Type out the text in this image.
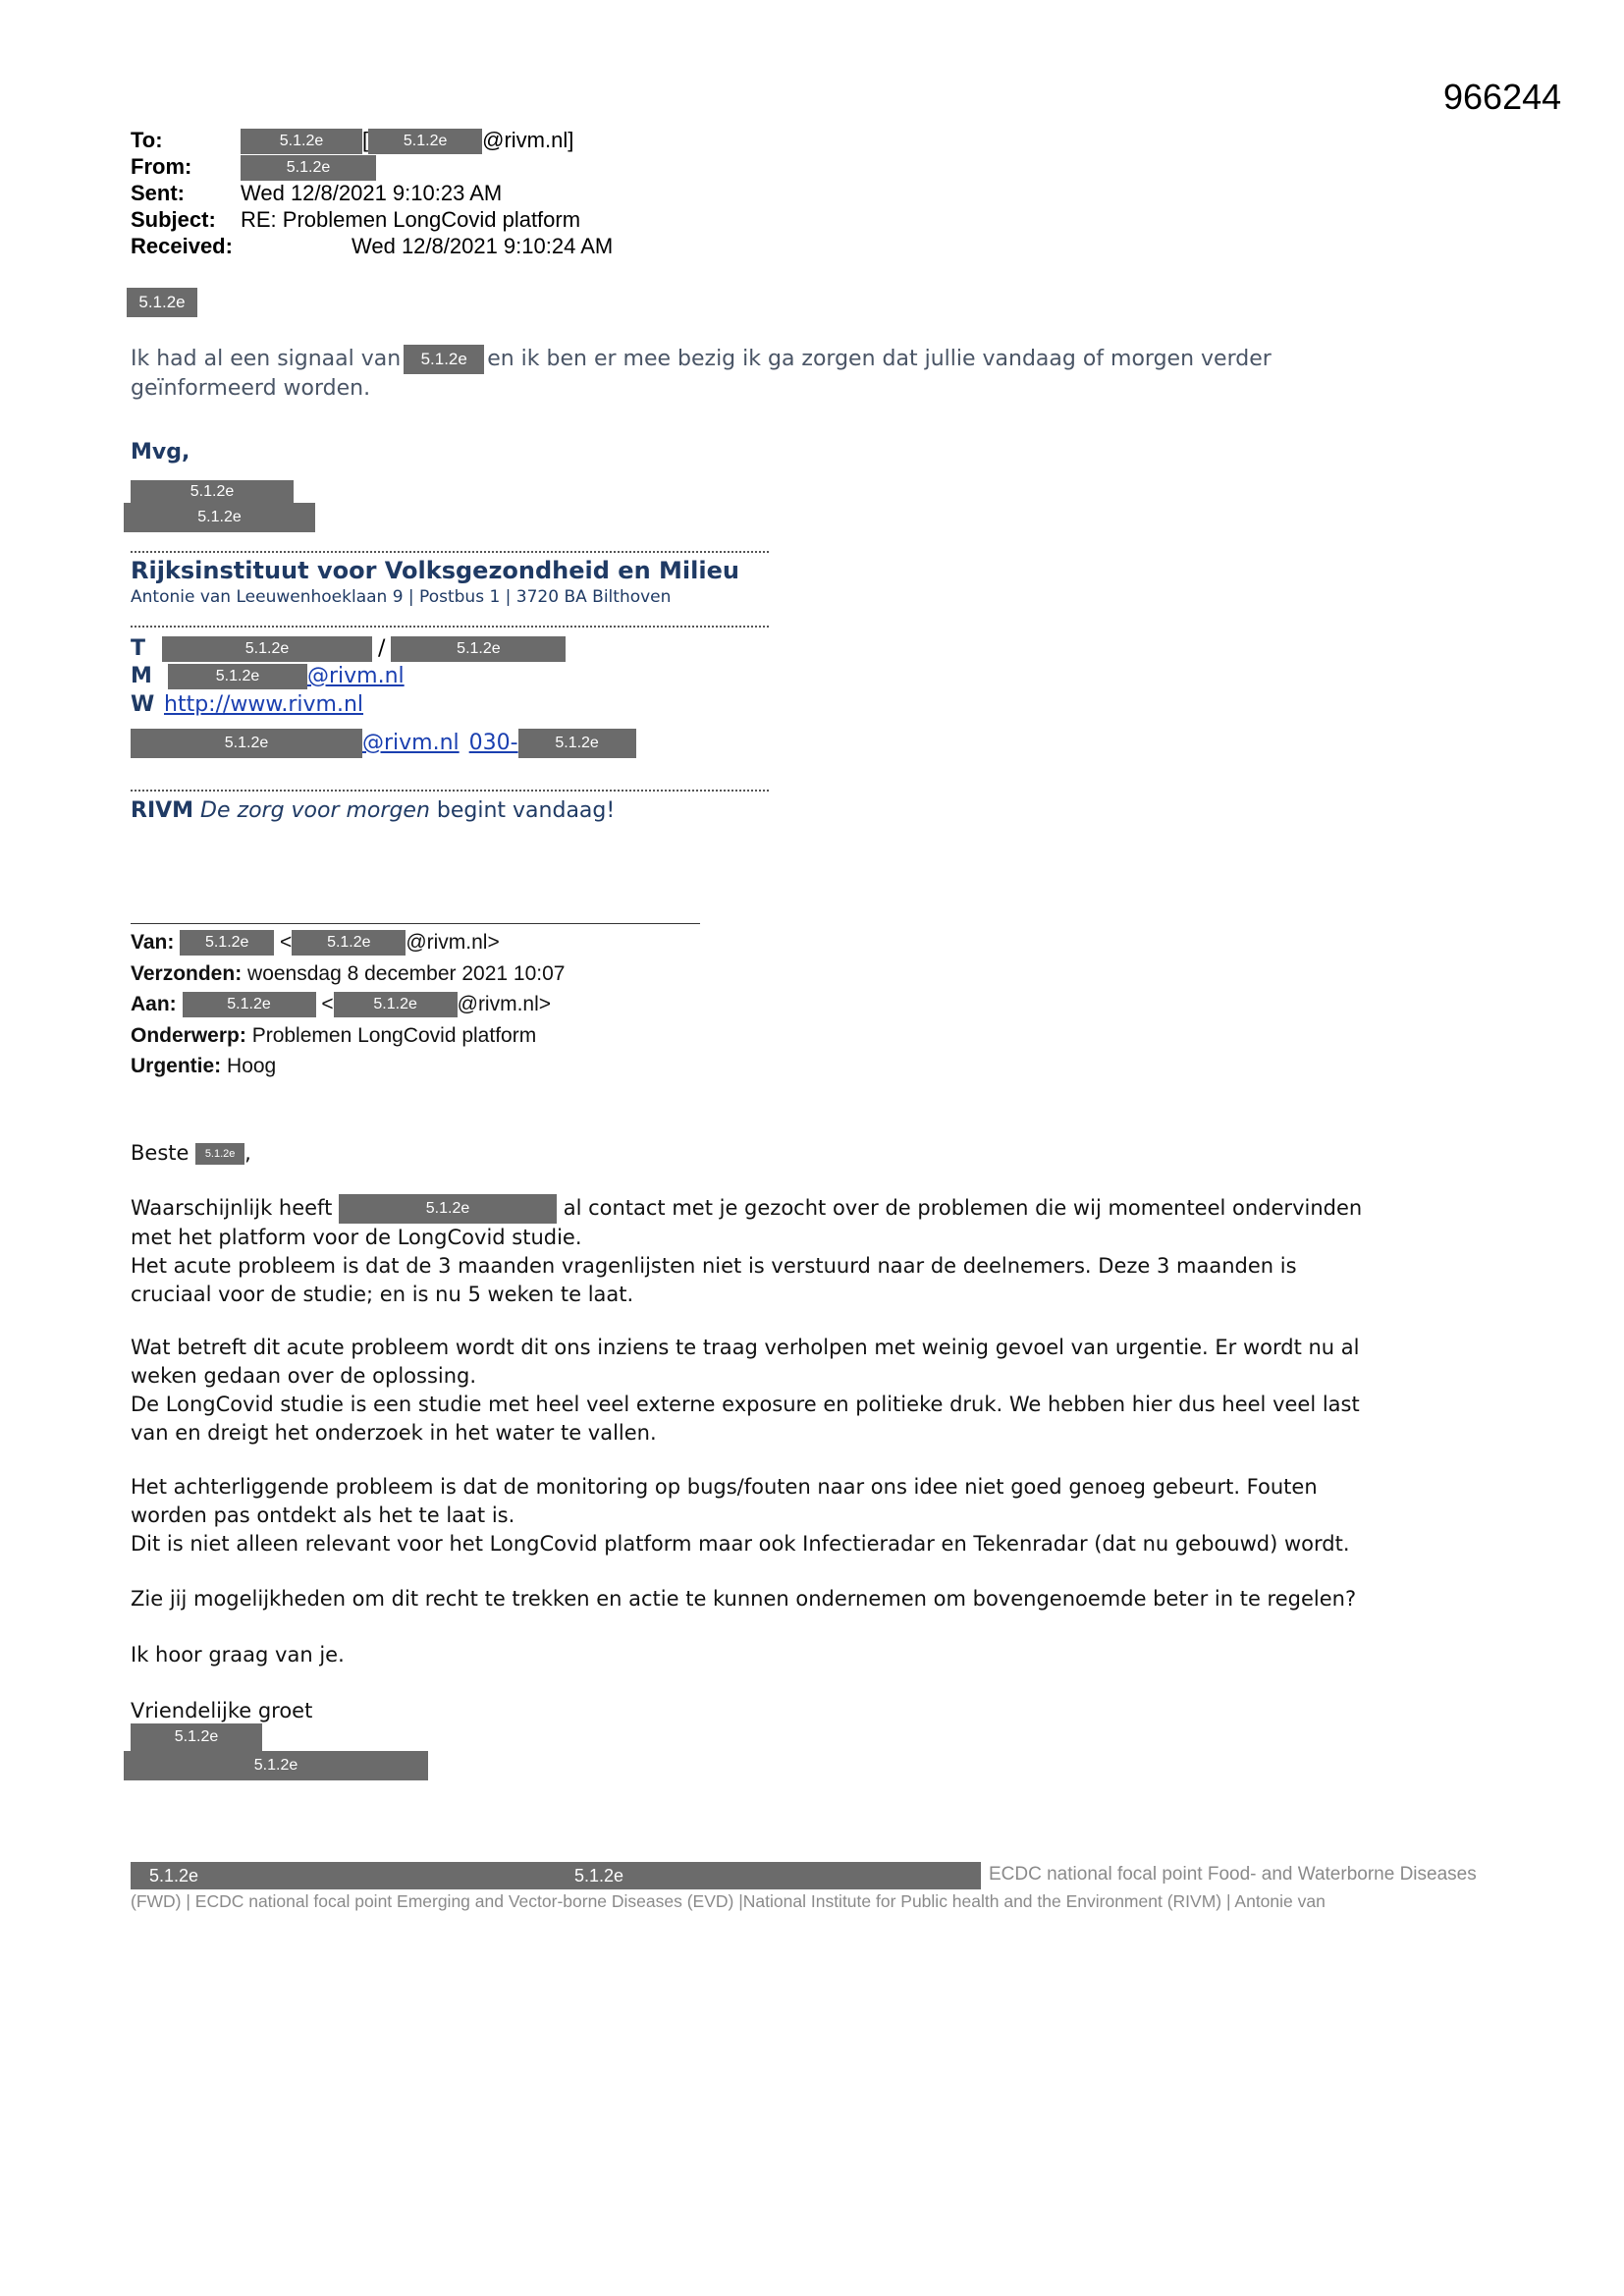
966244
To:	5.1.2e [ 5.1.2e @rivm.nl]
From:	5.1.2e
Sent:	Wed 12/8/2021 9:10:23 AM
Subject: RE: Problemen LongCovid platform
Received:	Wed 12/8/2021 9:10:24 AM
5.1.2e
Ik had al een signaal van 5.1.2e en ik ben er mee bezig ik ga zorgen dat jullie vandaag of morgen verder
geïnformeerd worden.
Mvg,
5.1.2e
5.1.2e
Rijksinstituut voor Volksgezondheid en Milieu
Antonie van Leeuwenhoeklaan 9 | Postbus 1 | 3720 BA Bilthoven
T	5.1.2e	/	5.1.2e
M	5.1.2e @rivm.nl
W http://www.rivm.nl
5.1.2e	@rivm.nl 030- 5.1.2e
RIVM De zorg voor morgen begint vandaag!
Van: 5.1.2e < 5.1.2e @rivm.nl>
Verzonden: woensdag 8 december 2021 10:07
Aan:	5.1.2e <	5.1.2e @rivm.nl>
Onderwerp: Problemen LongCovid platform
Urgentie: Hoog
Beste 5.1.2e ,
Waarschijnlijk heeft	5.1.2e	al contact met je gezocht over de problemen die wij momenteel ondervinden
met het platform voor de LongCovid studie.
Het acute probleem is dat de 3 maanden vragenlijsten niet is verstuurd naar de deelnemers. Deze 3 maanden is
cruciaal voor de studie; en is nu 5 weken te laat.
Wat betreft dit acute probleem wordt dit ons inziens te traag verholpen met weinig gevoel van urgentie. Er wordt nu al
weken gedaan over de oplossing.
De LongCovid studie is een studie met heel veel externe exposure en politieke druk. We hebben hier dus heel veel last
van en dreigt het onderzoek in het water te vallen.
Het achterliggende probleem is dat de monitoring op bugs/fouten naar ons idee niet goed genoeg gebeurt. Fouten
worden pas ontdekt als het te laat is.
Dit is niet alleen relevant voor het LongCovid platform maar ook Infectieradar en Tekenradar (dat nu gebouwd) wordt.
Zie jij mogelijkheden om dit recht te trekken en actie te kunnen ondernemen om bovengenoemde beter in te regelen?
Ik hoor graag van je.
Vriendelijke groet
5.1.2e
5.1.2e
5.1.2e	5.1.2e	ECDC national focal point Food- and Waterborne Diseases
(FWD) | ECDC national focal point Emerging and Vector-borne Diseases (EVD) |National Institute for Public health and the Environment (RIVM) | Antonie van
